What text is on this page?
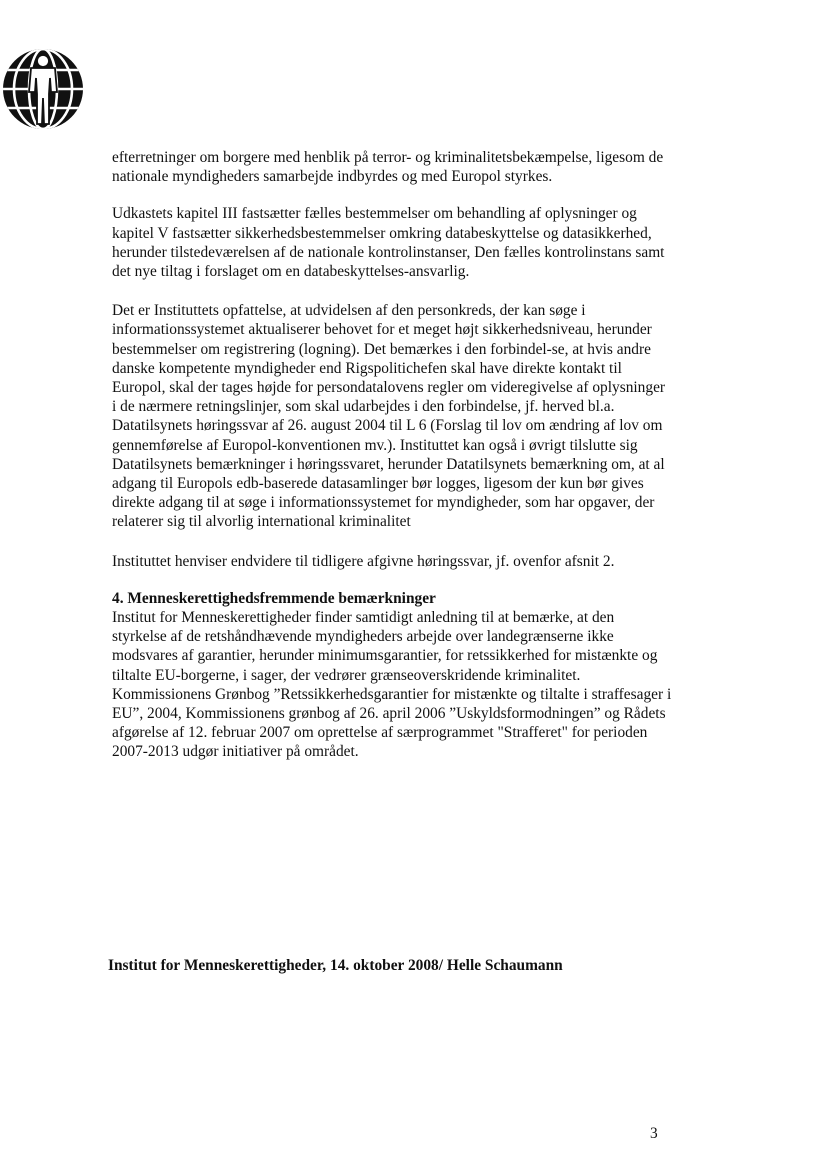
efterretninger om borgere med henblik på terror- og kriminalitetsbekæmpelse, ligesom de nationale myndigheders samarbejde indbyrdes og med Europol styrkes.

Udkastets kapitel III fastsætter fælles bestemmelser om behandling af oplysninger og kapitel V fastsætter sikkerhedsbestemmelser omkring databeskyttelse og datasikkerhed, herunder tilstedeværelsen af de nationale kontrolinstanser, Den fælles kontrolinstans samt det nye tiltag i forslaget om en databeskyttelses-ansvarlig.

Det er Instituttets opfattelse, at udvidelsen af den personkreds, der kan søge i informationssystemet aktualiserer behovet for et meget højt sikkerhedsniveau, herunder bestemmelser om registrering (logning). Det bemærkes i den forbindel-se, at hvis andre danske kompetente myndigheder end Rigspolitichefen skal have direkte kontakt til Europol, skal der tages højde for persondatalovens regler om videregivelse af oplysninger i de nærmere retningslinjer, som skal udarbejdes i den forbindelse, jf. herved bl.a. Datatilsynets høringssvar af 26. august 2004 til L 6 (Forslag til lov om ændring af lov om gennemførelse af Europol-konventionen mv.). Instituttet kan også i øvrigt tilslutte sig Datatilsynets bemærkninger i høringssvaret, herunder Datatilsynets bemærkning om, at al adgang til Europols edb-baserede datasamlinger bør logges, ligesom der kun bør gives direkte adgang til at søge i informationssystemet for myndigheder, som har opgaver, der relaterer sig til alvorlig international kriminalitet

Instituttet henviser endvidere til tidligere afgivne høringssvar, jf. ovenfor afsnit 2.

4. Menneskerettighedsfremmende bemærkninger

Institut for Menneskerettigheder finder samtidigt anledning til at bemærke, at den styrkelse af de retshåndhævende myndigheders arbejde over landegrænserne ikke modsvares af garantier, herunder minimumsgarantier, for retssikkerhed for mistænkte og tiltalte EU-borgerne, i sager, der vedrører grænseoverskridende kriminalitet. Kommissionens Grønbog ”Retssikkerhedsgarantier for mistænkte og tiltalte i straffesager i EU”, 2004, Kommissionens grønbog af 26. april 2006 ”Uskyldsformodningen” og Rådets afgørelse af 12. februar 2007 om oprettelse af særprogrammet "Strafferet" for perioden 2007-2013 udgør initiativer på området.

Institut for Menneskerettigheder, 14. oktober 2008/ Helle Schaumann
3
